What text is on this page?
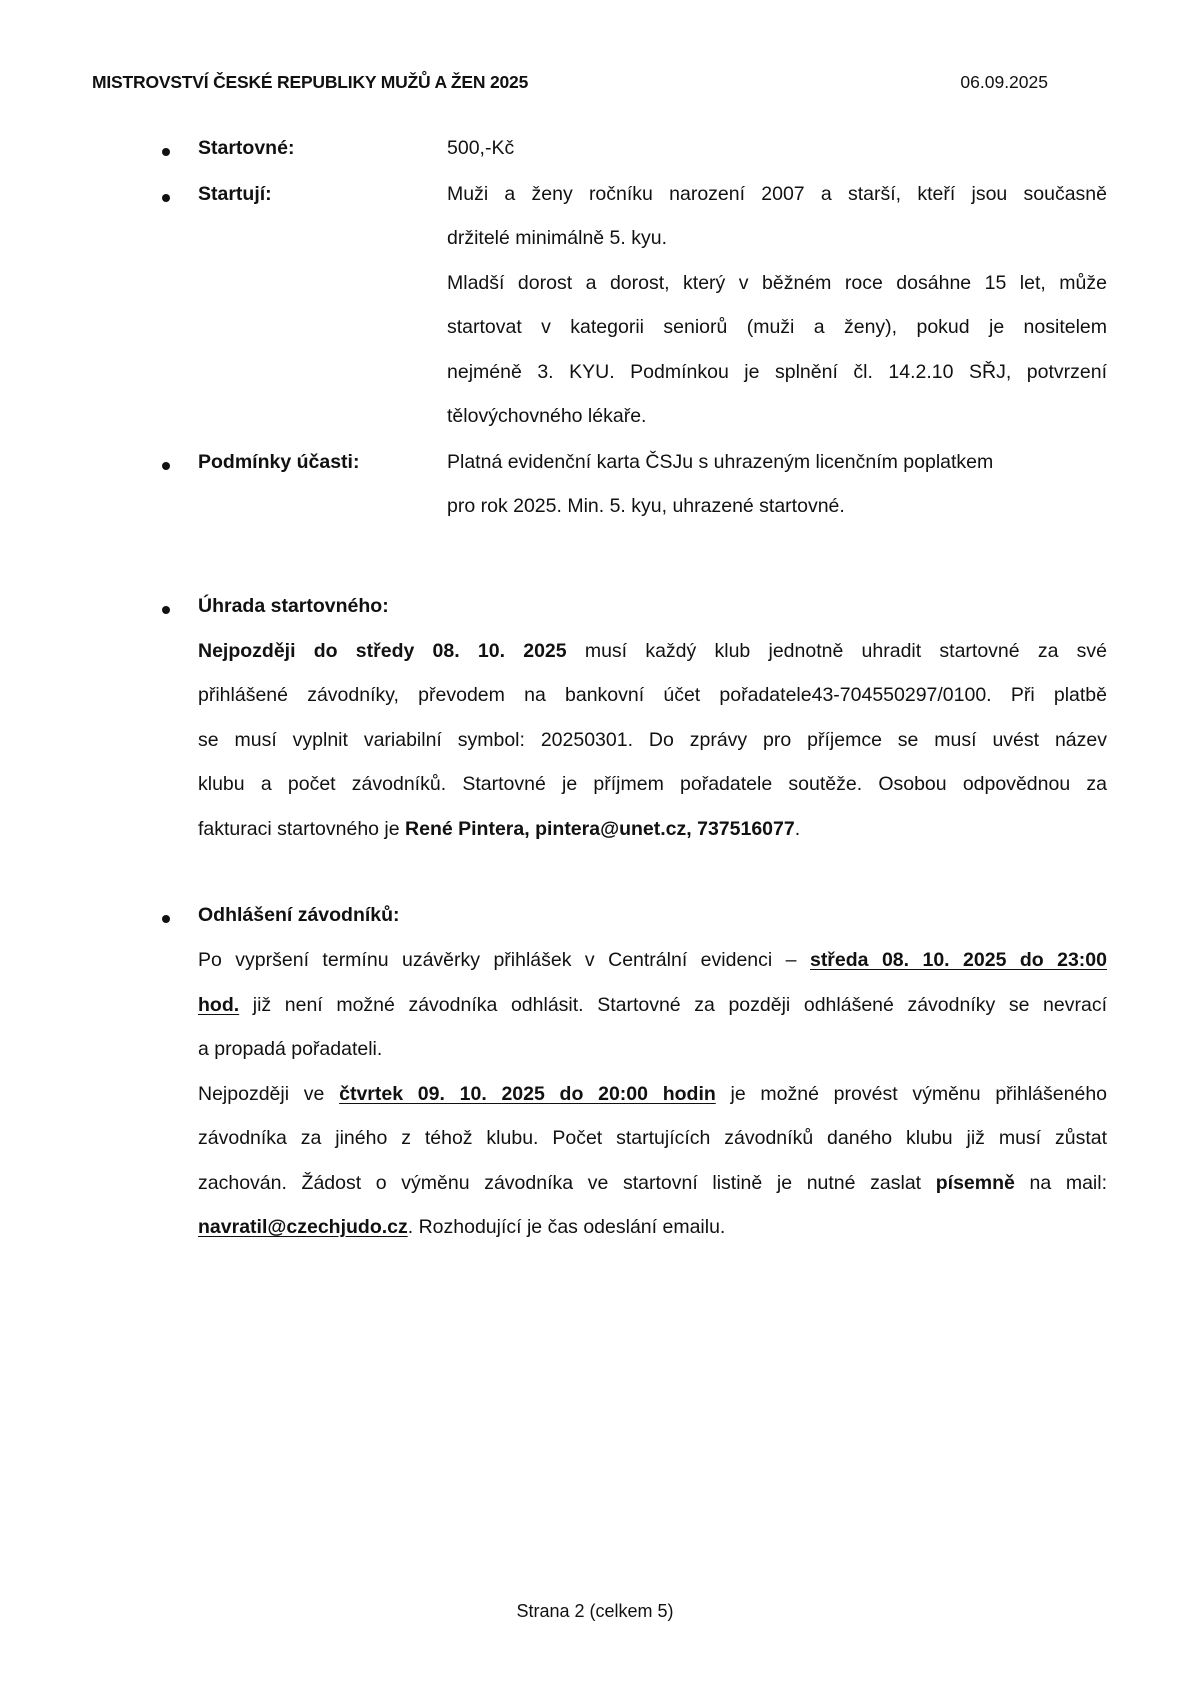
MISTROVSTVÍ ČESKÉ REPUBLIKY MUŽŮ A ŽEN 2025	06.09.2025
Startovné:	500,-Kč
Startují:	Muži a ženy ročníku narození 2007 a starší, kteří jsou současně
držitelé minimálně 5. kyu.
Mladší dorost a dorost, který v běžném roce dosáhne 15 let, může
startovat v kategorii seniorů (muži a ženy), pokud je nositelem
nejméně 3. KYU. Podmínkou je splnění čl. 14.2.10 SŘJ, potvrzení
tělovýchovného lékaře.
Podmínky účasti:	Platná evidenční karta ČSJu s uhrazeným licenčním poplatkem
pro rok 2025. Min. 5. kyu, uhrazené startovné.
Úhrada startovného:
Nejpozději do středy 08. 10. 2025 musí každý klub jednotně uhradit startovné za své
přihlášené závodníky, převodem na bankovní účet pořadatele43-704550297/0100. Při platbě
se musí vyplnit variabilní symbol: 20250301. Do zprávy pro příjemce se musí uvést název
klubu a počet závodníků. Startovné je příjmem pořadatele soutěže. Osobou odpovědnou za
fakturaci startovného je René Pintera, pintera@unet.cz, 737516077.
Odhlášení závodníků:
Po vypršení termínu uzávěrky přihlášek v Centrální evidenci – středa 08. 10. 2025 do 23:00
hod. již není možné závodníka odhlásit. Startovné za později odhlášené závodníky se nevrací
a propadá pořadateli.
Nejpozději ve čtvrtek 09. 10. 2025 do 20:00 hodin je možné provést výměnu přihlášeného
závodníka za jiného z téhož klubu. Počet startujících závodníků daného klubu již musí zůstat
zachován. Žádost o výměnu závodníka ve startovní listině je nutné zaslat písemně na mail:
navratil@czechjudo.cz. Rozhodující je čas odeslání emailu.
Strana 2 (celkem 5)
